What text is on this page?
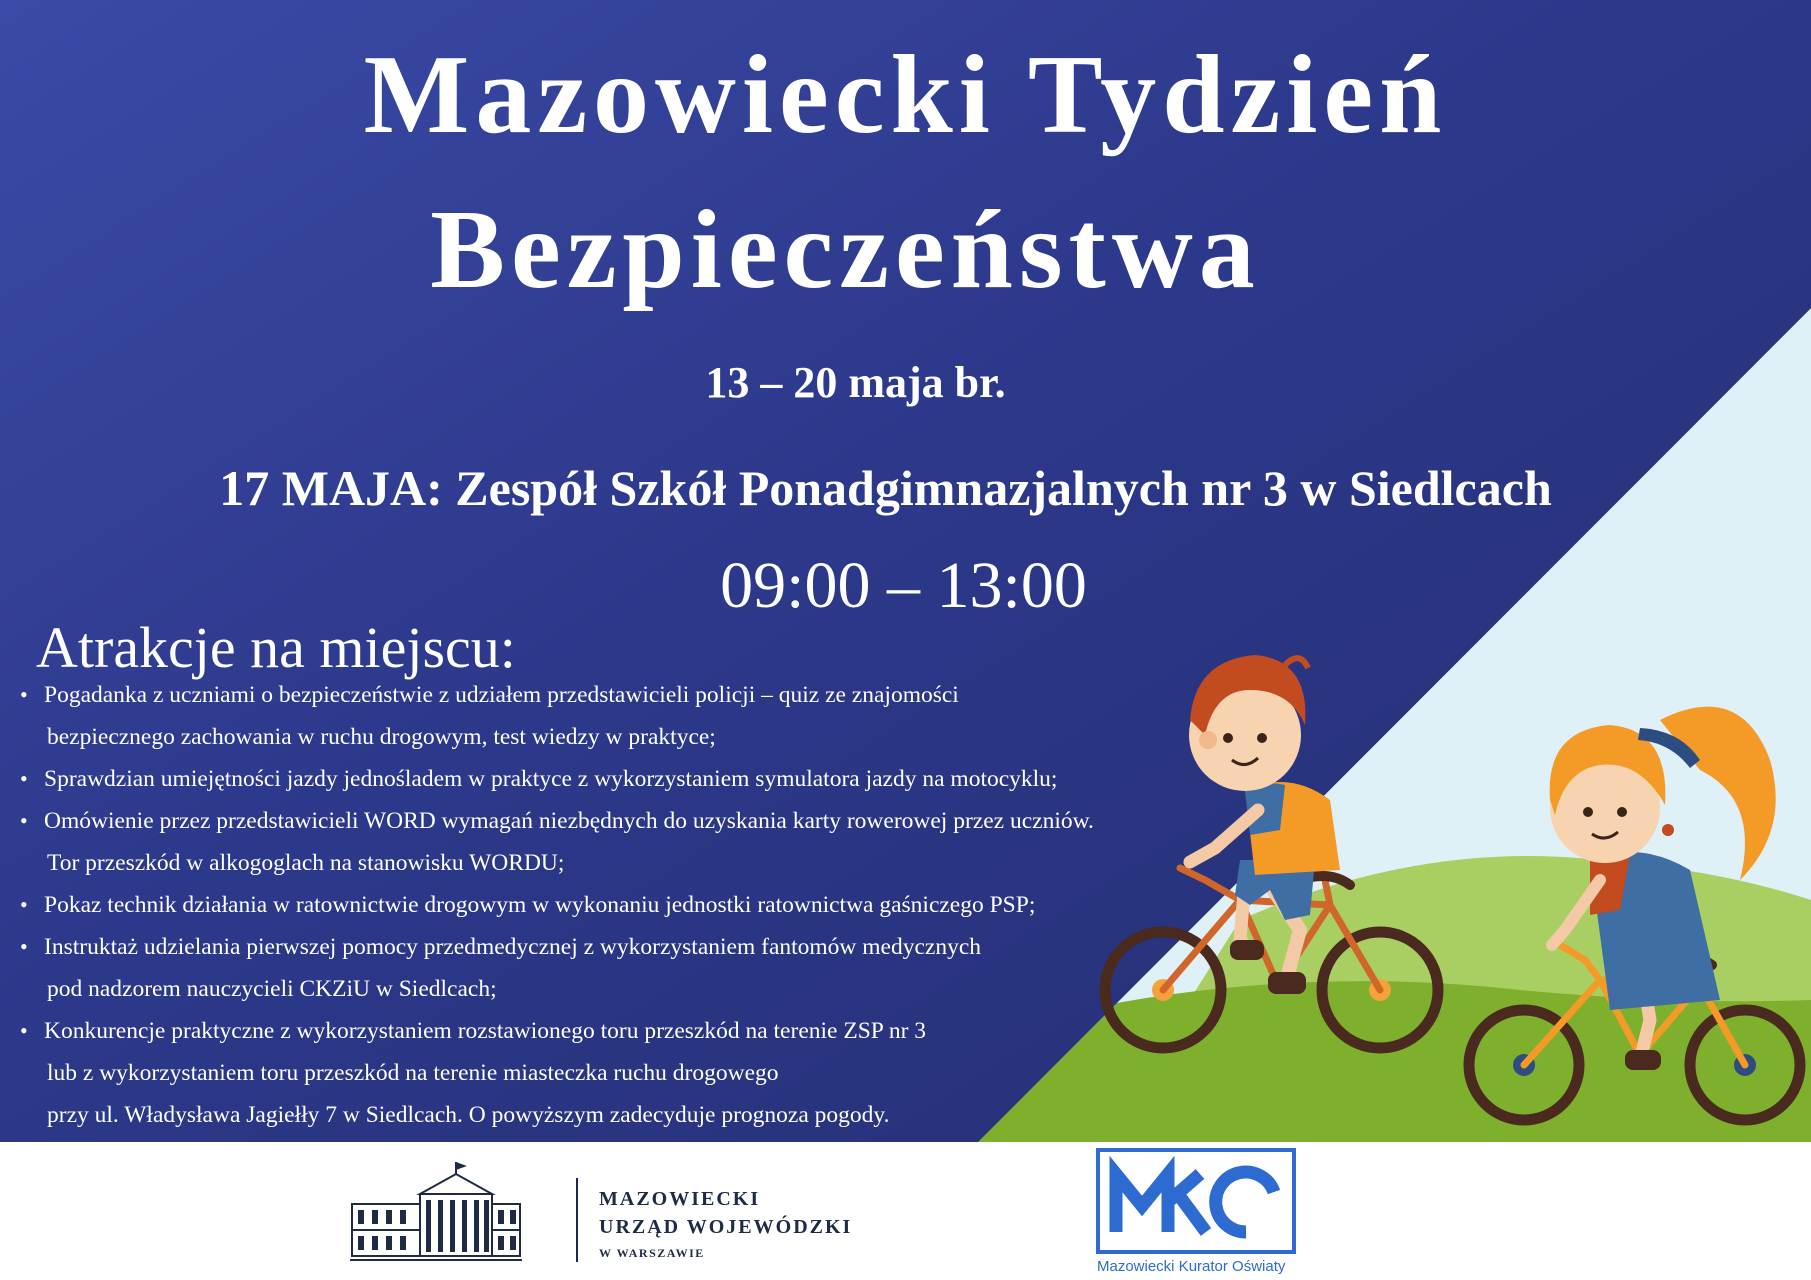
Mazowiecki Tydzień
Bezpieczeństwa
13 – 20 maja br.
17 MAJA: Zespół Szkół Ponadgimnazjalnych nr 3 w Siedlcach
09:00 – 13:00
Atrakcje na miejscu:
• Pogadanka z uczniami o bezpieczeństwie z udziałem przedstawicieli policji – quiz ze znajomości
bezpiecznego zachowania w ruchu drogowym, test wiedzy w praktyce;
• Sprawdzian umiejętności jazdy jednośladem w praktyce z wykorzystaniem symulatora jazdy na motocyklu;
• Omówienie przez przedstawicieli WORD wymagań niezbędnych do uzyskania karty rowerowej przez uczniów.
Tor przeszkód w alkogoglach na stanowisku WORDU;
• Pokaz technik działania w ratownictwie drogowym w wykonaniu jednostki ratownictwa gaśniczego PSP;
• Instruktaż udzielania pierwszej pomocy przedmedycznej z wykorzystaniem fantomów medycznych
pod nadzorem nauczycieli CKZiU w Siedlcach;
• Konkurencje praktyczne z wykorzystaniem rozstawionego toru przeszkód na terenie ZSP nr 3
lub z wykorzystaniem toru przeszkód na terenie miasteczka ruchu drogowego
przy ul. Władysława Jagiełły 7 w Siedlcach. O powyższym zadecyduje prognoza pogody.
MAZOWIECKI
URZĄD WOJEWÓDZKI
W WARSZAWIE
Mazowiecki Kurator Oświaty
